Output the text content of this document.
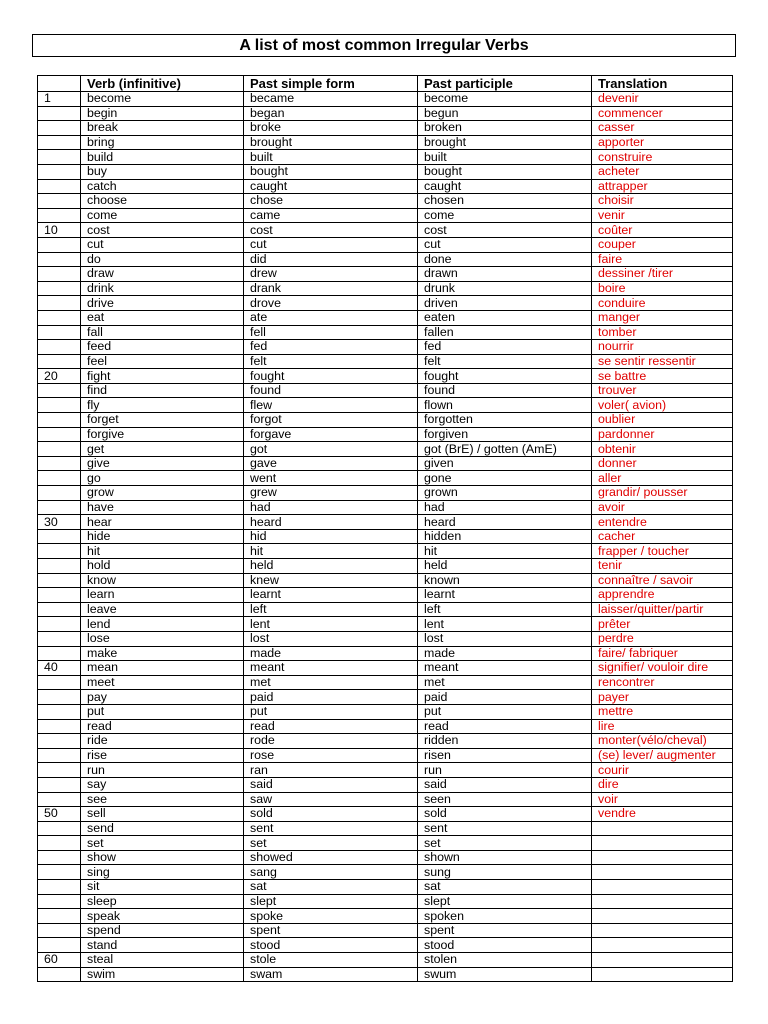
A list of most common Irregular Verbs
	Verb (infinitive)	Past simple form	Past participle	Translation
1	become	became	become	devenir
	begin	began	begun	commencer
	break	broke	broken	casser
	bring	brought	brought	apporter
	build	built	built	construire
	buy	bought	bought	acheter
	catch	caught	caught	attrapper
	choose	chose	chosen	choisir
	come	came	come	venir
10	cost	cost	cost	coûter
	cut	cut	cut	couper
	do	did	done	faire
	draw	drew	drawn	dessiner /tirer
	drink	drank	drunk	boire
	drive	drove	driven	conduire
	eat	ate	eaten	manger
	fall	fell	fallen	tomber
	feed	fed	fed	nourrir
	feel	felt	felt	se sentir ressentir
20	fight	fought	fought	se battre
	find	found	found	trouver
	fly	flew	flown	voler( avion)
	forget	forgot	forgotten	oublier
	forgive	forgave	forgiven	pardonner
	get	got	got (BrE) / gotten (AmE)	obtenir
	give	gave	given	donner
	go	went	gone	aller
	grow	grew	grown	grandir/ pousser
	have	had	had	avoir
30	hear	heard	heard	entendre
	hide	hid	hidden	cacher
	hit	hit	hit	frapper / toucher
	hold	held	held	tenir
	know	knew	known	connaître / savoir
	learn	learnt	learnt	apprendre
	leave	left	left	laisser/quitter/partir
	lend	lent	lent	prêter
	lose	lost	lost	perdre
	make	made	made	faire/ fabriquer
40	mean	meant	meant	signifier/ vouloir dire
	meet	met	met	rencontrer
	pay	paid	paid	payer
	put	put	put	mettre
	read	read	read	lire
	ride	rode	ridden	monter(vélo/cheval)
	rise	rose	risen	(se) lever/ augmenter
	run	ran	run	courir
	say	said	said	dire
	see	saw	seen	voir
50	sell	sold	sold	vendre
	send	sent	sent	
	set	set	set	
	show	showed	shown	
	sing	sang	sung	
	sit	sat	sat	
	sleep	slept	slept	
	speak	spoke	spoken	
	spend	spent	spent	
	stand	stood	stood	
60	steal	stole	stolen	
	swim	swam	swum	
